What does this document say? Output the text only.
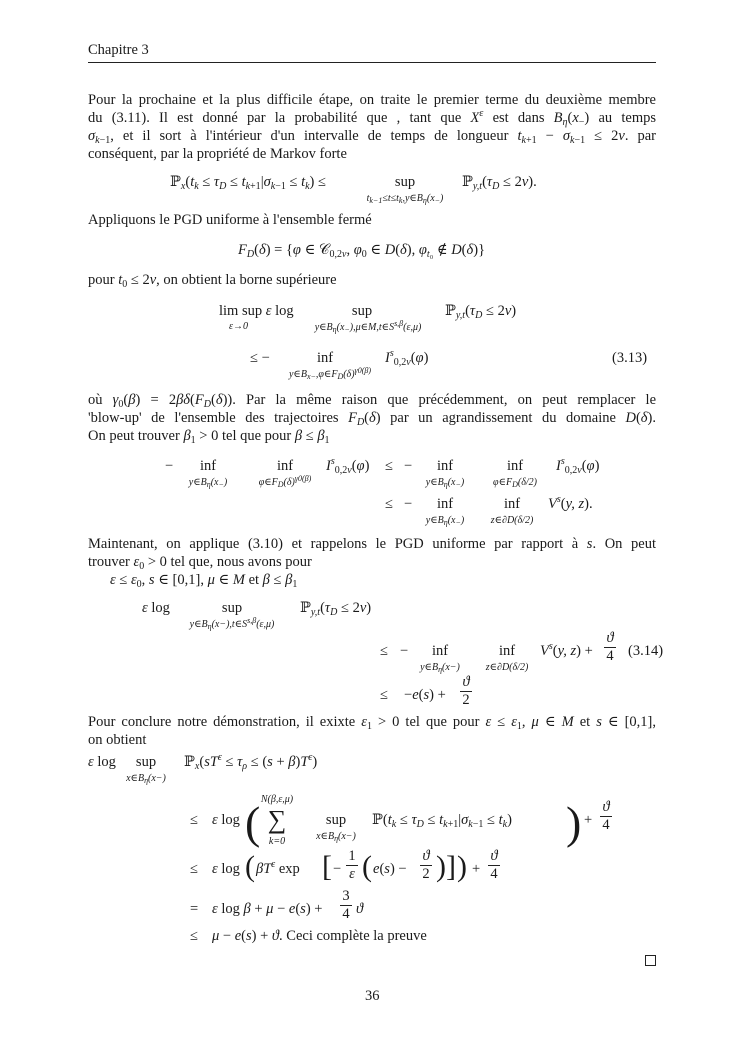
Chapitre 3
Pour la prochaine et la plus difficile étape, on traite le premier terme du deuxième membre
du (3.11). Il est donné par la probabilité que , tant que $X^\varepsilon$ est dans $B_\eta(x_-)$ au temps
$\sigma_{k-1}$, et il sort à l'intérieur d'un intervalle de temps de longueur $t_{k+1} - \sigma_{k-1} \le 2\nu$. par
conséquent, par la propriété de Markov forte
$ℙ_x(t_k \le \tau_D \le t_{k+1}|\sigma_{k-1} \le t_k)$ ≤	sup
$t_{k-1}\le t\le t_k,y\in B_\eta(x_-)$
$ℙ_{y,t}(\tau_D \le 2\nu)$.
Appliquons le PGD uniforme à l'ensemble fermé
$F_D(\delta) = \{\varphi$ ∈ 𝒞$_{0,2\nu}$, $\varphi_0$ ∈ D(δ), $\varphi_{t_0}$ ∉ D(δ)}
pour $t_0 \le 2\nu$, on obtient la borne supérieure
lim sup ε log
ε→0
sup
$y\in B_\eta(x_-),\mu\in M,t\in S^{s,\beta}(\varepsilon,\mu)$
$ℙ_{y,t}(\tau_D \le 2\nu)$
≤ −	inf
$y\in B_{x-},\varphi\in F_D(\delta)^{\gamma 0(\beta)}$
$I^s_{0,2\nu}(\varphi)$	(3.13)
où $\gamma_0(\beta) = 2\beta\delta(F_D(\delta))$. Par la même raison que précédemment, on peut remplacer le
'blow-up' de l'ensemble des trajectoires $F_D(\delta)$ par un agrandissement du domaine D(δ).
On peut trouver $\beta_1 > 0$ tel que pour $\beta \le \beta_1$
− inf
$y\in B_\eta(x_-)$
inf
$\varphi\in F_D(\delta)^{\gamma 0(\beta)}$
$I^s_{0,2\nu}(\varphi)$ ≤ − inf
$y\in B_\eta(x_-)$
inf
$\varphi\in F_D(\delta/2)$
$I^s_{0,2\nu}(\varphi)$
≤ − inf
$y\in B_\eta(x_-)$
inf
z∈∂D(δ/2)
$V^s(y$, z).
Maintenant, on applique (3.10) et rappelons le PGD uniforme par rapport à s. On peut
trouver $\varepsilon_0 > 0$ tel que, nous avons pour
$\varepsilon \le \varepsilon_0$, s ∈ [0,1], μ ∈ M et $\beta \le \beta_1$
ε log	sup
$y\in B_\eta(x-),t\in S^{s,\beta}(\varepsilon,\mu)$
$ℙ_{y,t}(\tau_D \le 2\nu)$
≤ − inf
$y\in B_\eta(x-)$
inf
z∈∂D(δ/2)
$V^s(y$, z) +
ϑ
4 (3.14)
≤ −e(s) +
ϑ
2
Pour conclure notre démonstration, il exixte $\varepsilon_1 > 0$ tel que pour $\varepsilon \le \varepsilon_1$, μ ∈ M et s ∈ [0,1],
on obtient
ε log sup
$x\in B_\eta(x-)$
$ℙ_x(sT^\varepsilon \le \tau_\rho \le (s + \beta)T^\varepsilon)$
≤ ε log ( N(β,ε,μ)
∑
k=0
sup
$x\in B_\eta(x-)$
$ℙ(t_k \le \tau_D \le t_{k+1}|\sigma_{k-1} \le t_k)$ ) +
ϑ
4
≤ ε log ( $\beta T^\varepsilon$ exp [ −
1
ε ( e(s) −
ϑ
2 ) ] ) +
ϑ
4
= ε log β + μ − e(s) +
3
4 ϑ
≤ μ − e(s) + ϑ. Ceci complète la preuve
36
